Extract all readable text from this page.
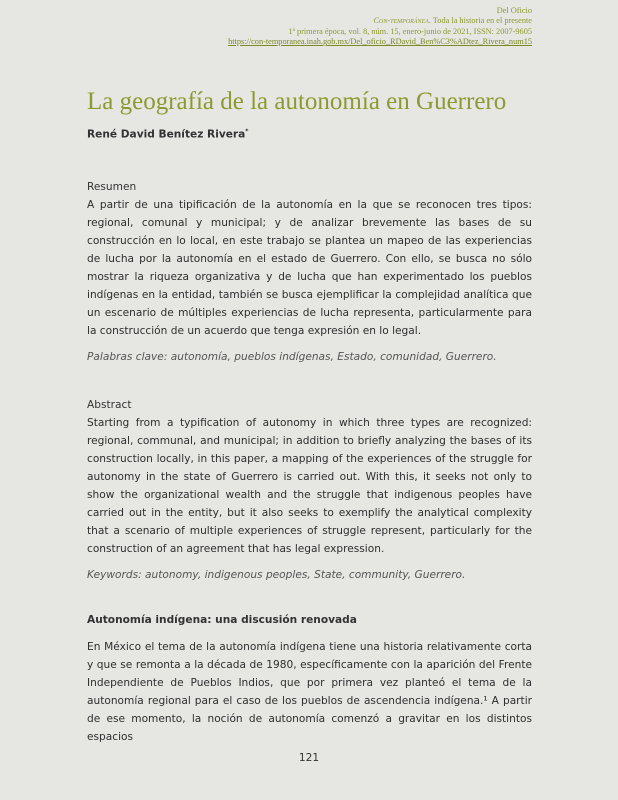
Del Oficio
Con-temporánea. Toda la historia en el presente
1ª primera época, vol. 8, núm. 15, enero-junio de 2021, ISSN: 2007-9605
https://con-temporanea.inah.gob.mx/Del_oficio_RDavid_Ben%C3%ADtez_Rivera_num15
La geografía de la autonomía en Guerrero
René David Benítez Rivera*
Resumen

A partir de una tipificación de la autonomía en la que se reconocen tres tipos: regional, comunal y municipal; y de analizar brevemente las bases de su construcción en lo local, en este trabajo se plantea un mapeo de las experiencias de lucha por la autonomía en el estado de Guerrero. Con ello, se busca no sólo mostrar la riqueza organizativa y de lucha que han experimentado los pueblos indígenas en la entidad, también se busca ejemplificar la complejidad analítica que un escenario de múltiples experiencias de lucha representa, particularmente para la construcción de un acuerdo que tenga expresión en lo legal.

Palabras clave: autonomía, pueblos indígenas, Estado, comunidad, Guerrero.
Abstract

Starting from a typification of autonomy in which three types are recognized: regional, communal, and municipal; in addition to briefly analyzing the bases of its construction locally, in this paper, a mapping of the experiences of the struggle for autonomy in the state of Guerrero is carried out. With this, it seeks not only to show the organizational wealth and the struggle that indigenous peoples have carried out in the entity, but it also seeks to exemplify the analytical complexity that a scenario of multiple experiences of struggle represent, particularly for the construction of an agreement that has legal expression.

Keywords: autonomy, indigenous peoples, State, community, Guerrero.
Autonomía indígena: una discusión renovada

En México el tema de la autonomía indígena tiene una historia relativamente corta y que se remonta a la década de 1980, específicamente con la aparición del Frente Independiente de Pueblos Indios, que por primera vez planteó el tema de la autonomía regional para el caso de los pueblos de ascendencia indígena.¹ A partir de ese momento, la noción de autonomía comenzó a gravitar en los distintos espacios

121
